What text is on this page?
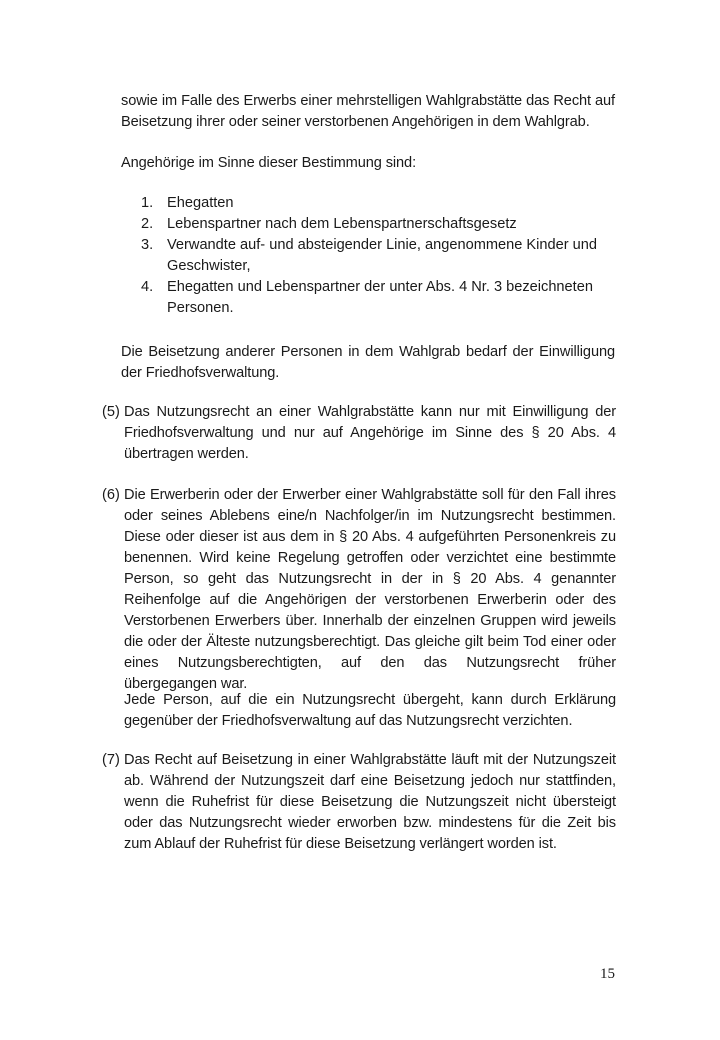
sowie im Falle des Erwerbs einer mehrstelligen Wahlgrabstätte das Recht auf Beisetzung ihrer oder seiner verstorbenen Angehörigen in dem Wahlgrab.

Angehörige im Sinne dieser Bestimmung sind:

1. Ehegatten
2. Lebenspartner nach dem Lebenspartnerschaftsgesetz
3. Verwandte auf- und absteigender Linie, angenommene Kinder und Geschwister,
4. Ehegatten und Lebenspartner der unter Abs. 4 Nr. 3 bezeichneten Personen.

Die Beisetzung anderer Personen in dem Wahlgrab bedarf der Einwilligung der Friedhofsverwaltung.

(5) Das Nutzungsrecht an einer Wahlgrabstätte kann nur mit Einwilligung der Friedhofsverwaltung und nur auf Angehörige im Sinne des § 20 Abs. 4 übertragen werden.
(6) Die Erwerberin oder der Erwerber einer Wahlgrabstätte soll für den Fall ihres oder seines Ablebens eine/n Nachfolger/in im Nutzungsrecht bestimmen. Diese oder dieser ist aus dem in § 20 Abs. 4 aufgeführten Personenkreis zu benennen. Wird keine Regelung getroffen oder verzichtet eine bestimmte Person, so geht das Nutzungsrecht in der in § 20 Abs. 4 genannter Reihenfolge auf die Angehörigen der verstorbenen Erwerberin oder des Verstorbenen Erwerbers über. Innerhalb der einzelnen Gruppen wird jeweils die oder der Älteste nutzungsberechtigt. Das gleiche gilt beim Tod einer oder eines Nutzungsberechtigten, auf den das Nutzungsrecht früher übergegangen war.

Jede Person, auf die ein Nutzungsrecht übergeht, kann durch Erklärung gegenüber der Friedhofsverwaltung auf das Nutzungsrecht verzichten.

(7) Das Recht auf Beisetzung in einer Wahlgrabstätte läuft mit der Nutzungszeit ab. Während der Nutzungszeit darf eine Beisetzung jedoch nur stattfinden, wenn die Ruhefrist für diese Beisetzung die Nutzungszeit nicht übersteigt oder das Nutzungsrecht wieder erworben bzw. mindestens für die Zeit bis zum Ablauf der Ruhefrist für diese Beisetzung verlängert worden ist.
15
